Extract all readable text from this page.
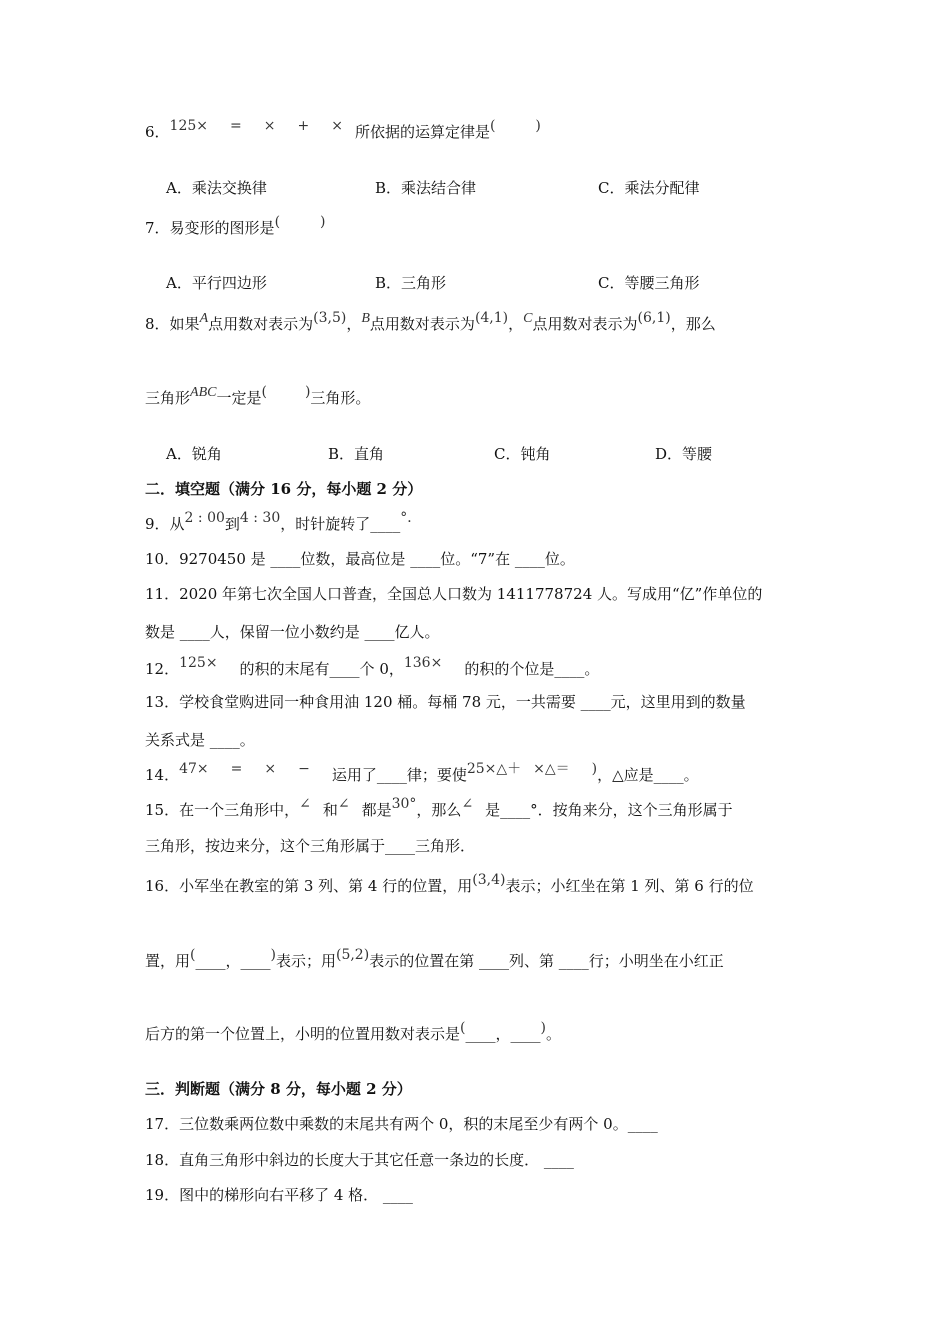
6．125× = × + × 所依据的运算定律是(	)
A．乘法交换律	B．乘法结合律	C．乘法分配律
7．易变形的图形是(	)
A．平行四边形	B．三角形	C．等腰三角形
8．如果A点用数对表示为(3,5)，B点用数对表示为(4,1)，C点用数对表示为(6,1)，那么
三角形ABC一定是(	)三角形。
A．锐角	B．直角	C．钝角	D．等腰
二．填空题（满分 16 分，每小题 2 分）
9．从2 : 00到4 : 30，时针旋转了____°．
10．9270450 是 ____位数，最高位是 ____位。“7”在 ____位。
11．2020 年第七次全国人口普查，全国总人口数为 1411778724 人。写成用“亿”作单位的
数是 ____人，保留一位小数约是 ____亿人。
12．125× 的积的末尾有____个 0，136× 的积的个位是____。
13．学校食堂购进同一种食用油 120 桶。每桶 78 元，一共需要 ____元，这里用到的数量
关系式是 ____。
14．47× = × − 运用了____律；要使25×△＋ ×△＝ )，△应是____。
15．在一个三角形中，∠ 和∠ 都是30°，那么∠ 是____°．按角来分，这个三角形属于
三角形，按边来分，这个三角形属于____三角形．
16．小军坐在教室的第 3 列、第 4 行的位置，用(3,4)表示；小红坐在第 1 列、第 6 行的位
置，用(____，____)表示；用(5,2)表示的位置在第 ____列、第 ____行；小明坐在小红正
后方的第一个位置上，小明的位置用数对表示是(____，____)。
三．判断题（满分 8 分，每小题 2 分）
17．三位数乘两位数中乘数的末尾共有两个 0，积的末尾至少有两个 0。____
18．直角三角形中斜边的长度大于其它任意一条边的长度． ____
19．图中的梯形向右平移了 4 格． ____
